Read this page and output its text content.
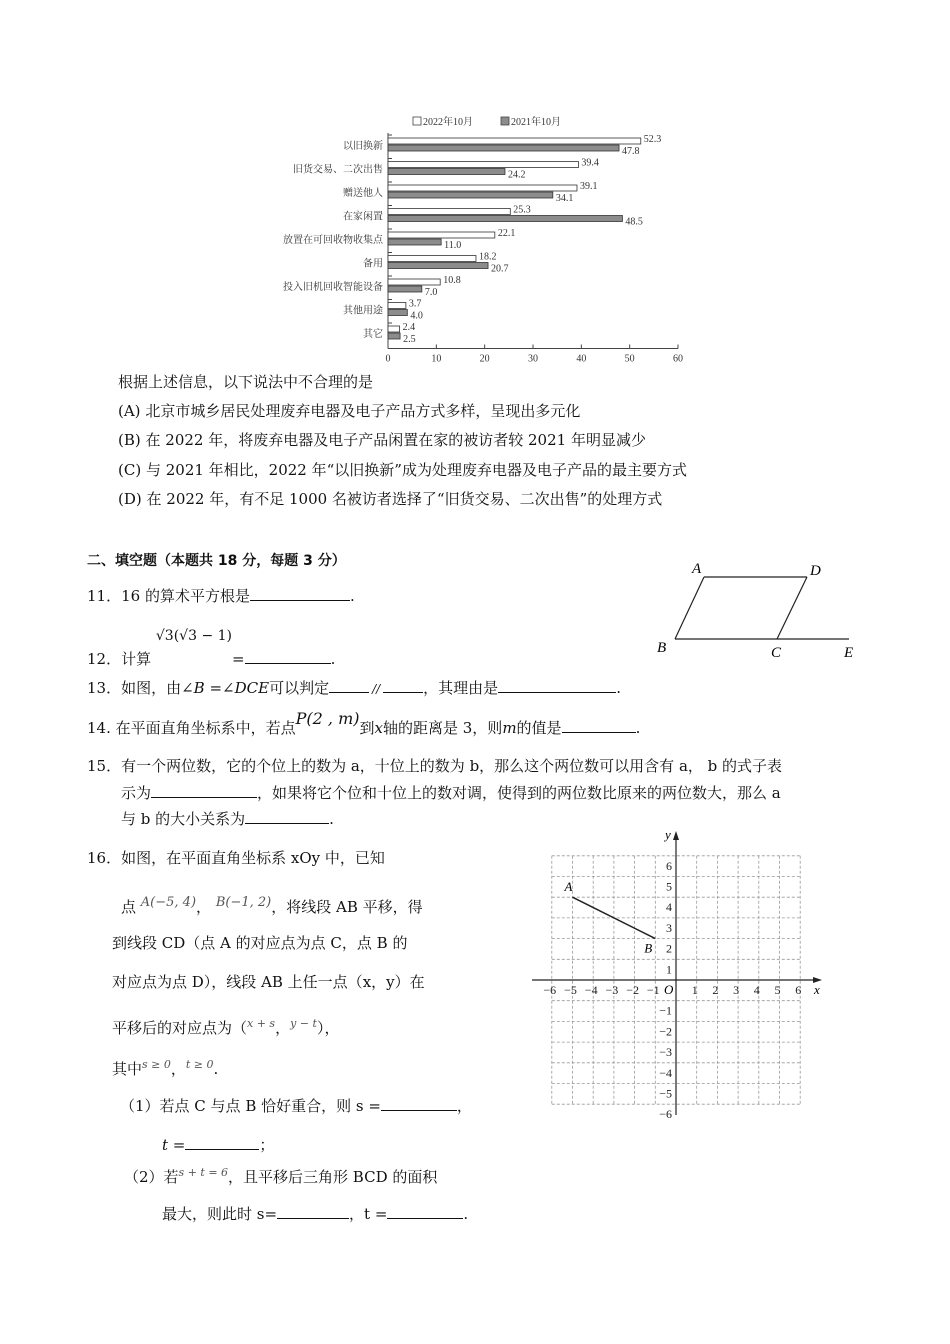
2022年10月	2021年10月
0	10	20	30	40	50	60
以旧换新
52.3
47.8
旧货交易、二次出售
39.4
24.2
赠送他人
39.1
34.1
在家闲置
25.3
48.5
放置在可回收物收集点
22.1
11.0
备用
18.2
20.7
投入旧机回收智能设备
10.8
7.0
其他用途
3.7
4.0
其它
2.4
2.5
根据上述信息，以下说法中不合理的是
(A) 北京市城乡居民处理废弃电器及电子产品方式多样，呈现出多元化
(B) 在 2022 年，将废弃电器及电子产品闲置在家的被访者较 2021 年明显减少
(C) 与 2021 年相比，2022 年“以旧换新”成为处理废弃电器及电子产品的最主要方式
(D) 在 2022 年，有不足 1000 名被访者选择了“旧货交易、二次出售”的处理方式
二、填空题（本题共 18 分，每题 3 分）
11．16 的算术平方根是	.
12．计算 √3(√3 − 1)=	.
13．如图，由∠B =∠DCE可以判定	//	，其理由是	.
14. 在平面直角坐标系中，若点P(2 , m)到x轴的距离是 3，则m的值是	.
15．有一个两位数，它的个位上的数为 a，十位上的数为 b，那么这个两位数可以用含有 a， b 的式子表
示为	，如果将它个位和十位上的数对调，使得到的两位数比原来的两位数大，那么 a
与 b 的大小关系为	.
16．如图，在平面直角坐标系 xOy 中，已知
点 A(−5, 4)， B(−1, 2)，将线段 AB 平移，得
到线段 CD（点 A 的对应点为点 C，点 B 的
对应点为点 D），线段 AB 上任一点（x，y）在
平移后的对应点为（$^{x + s}$，$^{y - t}$），
其中$^{s \ge 0}$，$^{t \ge 0}$.
（1）若点 C 与点 B 恰好重合，则 s =	，
t =	；
（2）若$^{s + t = 6}$，且平移后三角形 BCD 的面积
最大，则此时 s=	，t =	.
A	D
B	C	E
x
y
O
−6 −5 −4 −3 −2 −1	1 2 3 4 5 6
6
5
4
3
2
1
−1
−2
−3
−4
−5
−6
A
B
